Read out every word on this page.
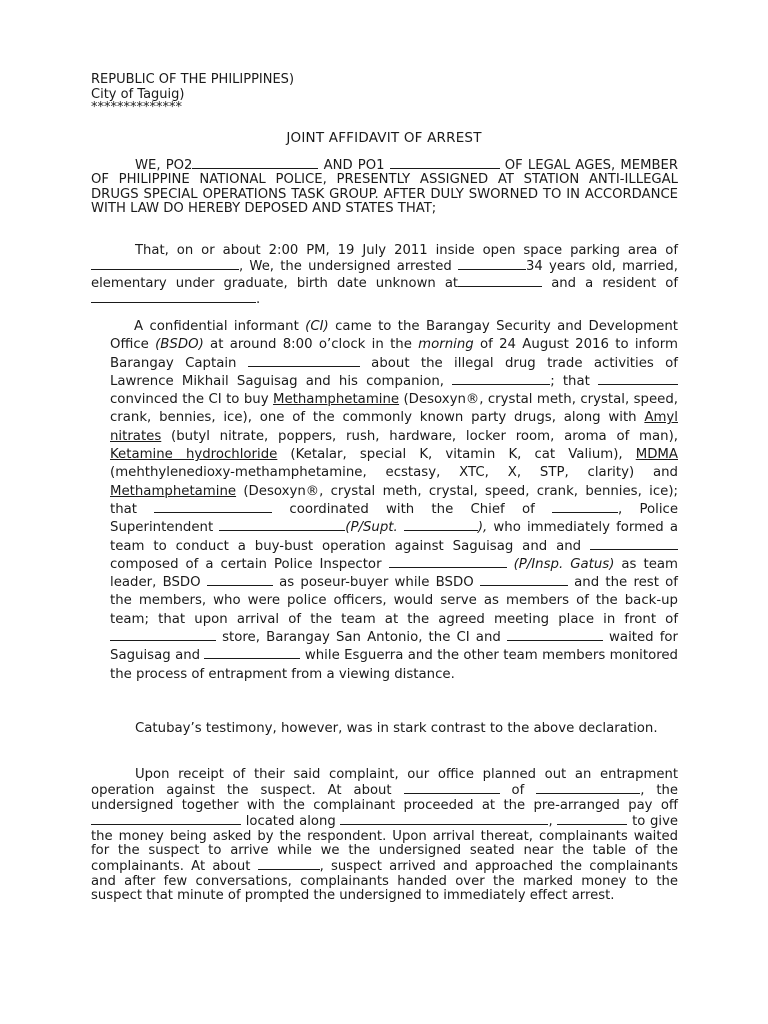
REPUBLIC OF THE PHILIPPINES)
City of Taguig)
**************
JOINT AFFIDAVIT OF ARREST
WE, PO2	AND PO1	OF LEGAL AGES, MEMBER OF PHILIPPINE NATIONAL POLICE, PRESENTLY ASSIGNED AT STATION ANTI-ILLEGAL DRUGS SPECIAL OPERATIONS TASK GROUP. AFTER DULY SWORNED TO IN ACCORDANCE WITH LAW DO HEREBY DEPOSED AND STATES THAT;
That, on or about 2:00 PM, 19 July 2011 inside open space parking area of , We, the undersigned arrested	34 years old, married, elementary under graduate, birth date unknown at	and a resident of .
A confidential informant (CI) came to the Barangay Security and Development Office (BSDO) at around 8:00 o’clock in the morning of 24 August 2016 to inform Barangay Captain	about the illegal drug trade activities of Lawrence Mikhail Saguisag and his companion,	; that  convinced the CI to buy Methamphetamine (Desoxyn®, crystal meth, crystal, speed, crank, bennies, ice), one of the commonly known party drugs, along with Amyl nitrates (butyl nitrate, poppers, rush, hardware, locker room, aroma of man), Ketamine hydrochloride (Ketalar, special K, vitamin K, cat Valium), MDMA (mehthylenedioxy-methamphetamine, ecstasy, XTC, X, STP, clarity) and Methamphetamine (Desoxyn®, crystal meth, crystal, speed, crank, bennies, ice); that	coordinated with the Chief of	, Police Superintendent	(P/Supt.	), who immediately formed a team to conduct a buy-bust operation against Saguisag and and  composed of a certain Police Inspector	(P/Insp. Gatus) as team leader, BSDO	as poseur-buyer while BSDO	and the rest of the members, who were police officers, would serve as members of the back-up team; that upon arrival of the team at the agreed meeting place in front of  store, Barangay San Antonio, the CI and	waited for Saguisag and	while Esguerra and the other team members monitored the process of entrapment from a viewing distance.
Catubay’s testimony, however, was in stark contrast to the above declaration.
Upon receipt of their said complaint, our office planned out an entrapment operation against the suspect. At about	of	, the undersigned together with the complainant proceeded at the pre-arranged pay off  located along	,	to give the money being asked by the respondent. Upon arrival thereat, complainants waited for the suspect to arrive while we the undersigned seated near the table of the complainants. At about	, suspect arrived and approached the complainants and after few conversations, complainants handed over the marked money to the suspect that minute of prompted the undersigned to immediately effect arrest.
